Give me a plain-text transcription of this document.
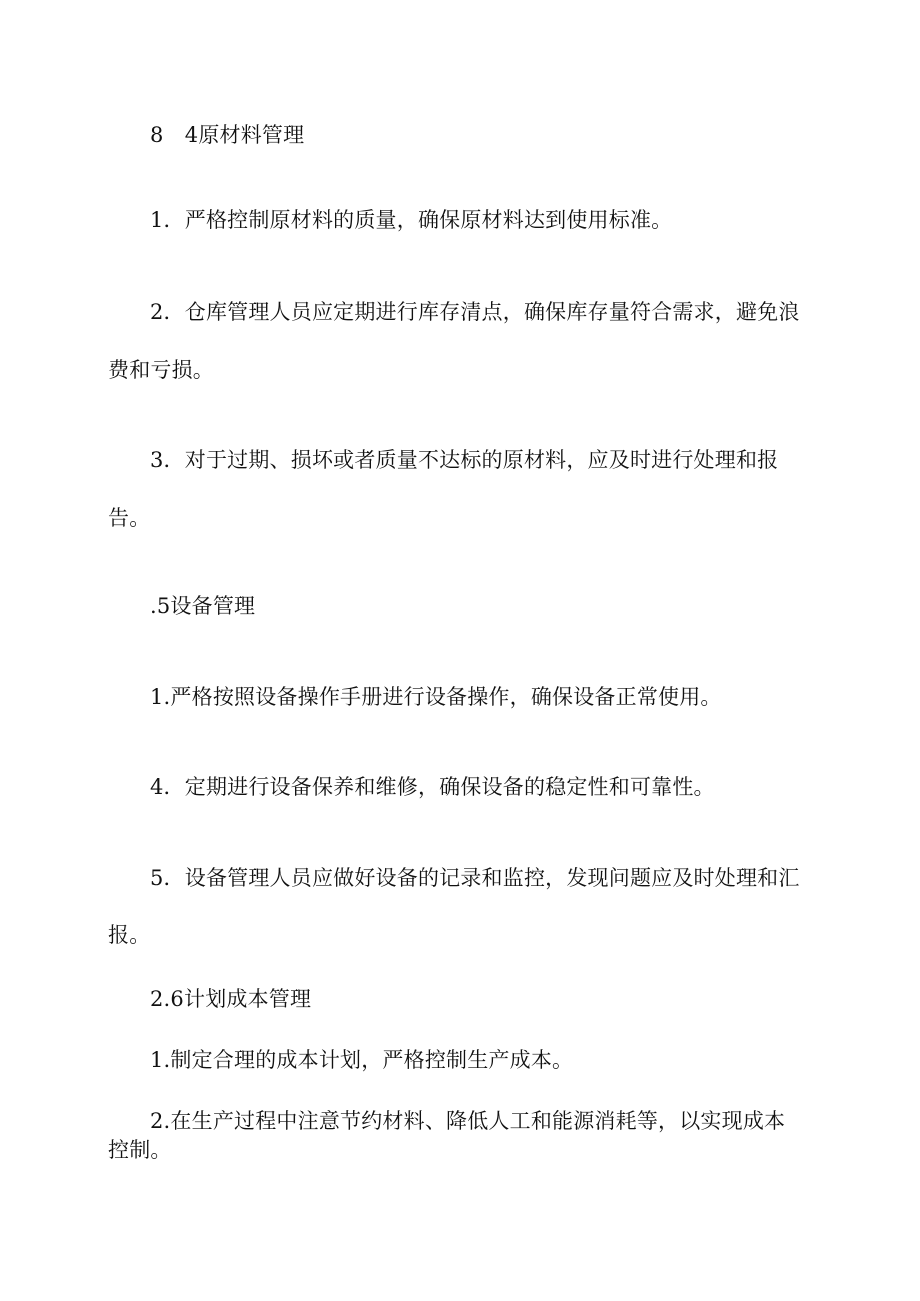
8　4原材料管理

1．严格控制原材料的质量，确保原材料达到使用标准。

2．仓库管理人员应定期进行库存清点，确保库存量符合需求，避免浪

费和亏损。

3．对于过期、损坏或者质量不达标的原材料，应及时进行处理和报

告。

.5设备管理

1.严格按照设备操作手册进行设备操作，确保设备正常使用。

4．定期进行设备保养和维修，确保设备的稳定性和可靠性。

5．设备管理人员应做好设备的记录和监控，发现问题应及时处理和汇

报。

2.6计划成本管理

1.制定合理的成本计划，严格控制生产成本。

2.在生产过程中注意节约材料、降低人工和能源消耗等，以实现成本

控制。
